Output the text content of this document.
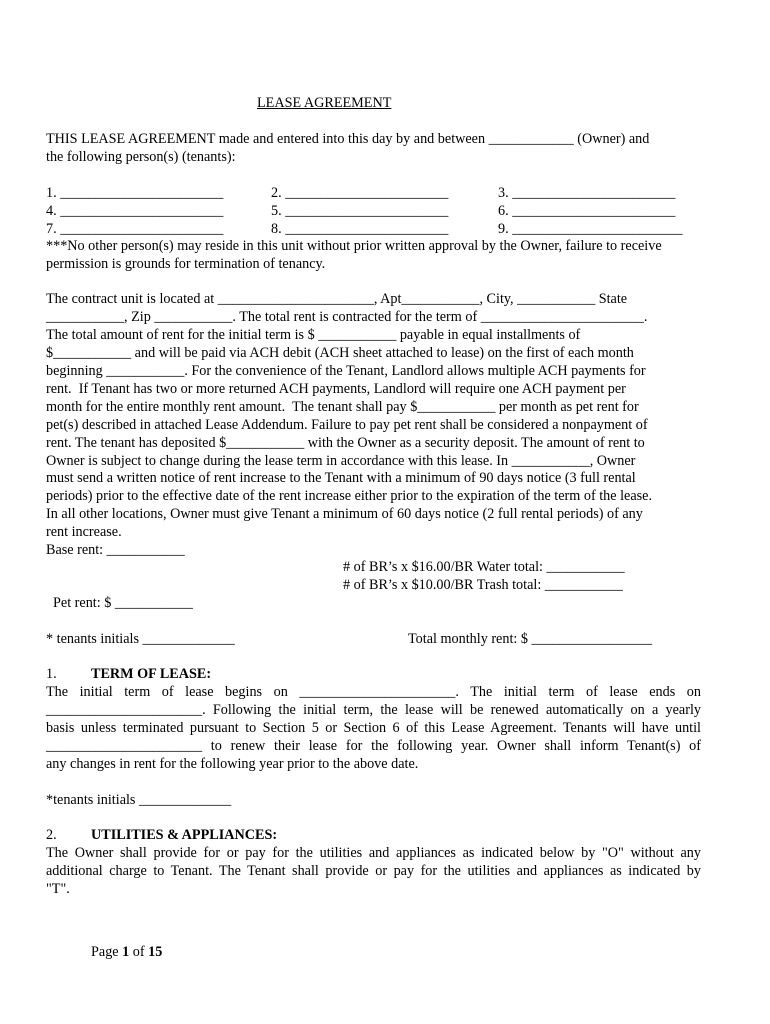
LEASE AGREEMENT
THIS LEASE AGREEMENT made and entered into this day by and between ____________ (Owner) and
the following person(s) (tenants):
1. _______________________	2. _______________________	3. _______________________
4. _______________________	5. _______________________	6. _______________________
7. _______________________	8. _______________________	9. ________________________
***No other person(s) may reside in this unit without prior written approval by the Owner, failure to receive
permission is grounds for termination of tenancy.
The contract unit is located at ______________________, Apt___________, City, ___________ State
___________, Zip ___________. The total rent is contracted for the term of _______________________.
The total amount of rent for the initial term is $ ___________ payable in equal installments of
$___________ and will be paid via ACH debit (ACH sheet attached to lease) on the first of each month
beginning ___________. For the convenience of the Tenant, Landlord allows multiple ACH payments for
rent.  If Tenant has two or more returned ACH payments, Landlord will require one ACH payment per
month for the entire monthly rent amount.  The tenant shall pay $___________ per month as pet rent for
pet(s) described in attached Lease Addendum. Failure to pay pet rent shall be considered a nonpayment of
rent. The tenant has deposited $___________ with the Owner as a security deposit. The amount of rent to
Owner is subject to change during the lease term in accordance with this lease. In ___________, Owner
must send a written notice of rent increase to the Tenant with a minimum of 90 days notice (3 full rental
periods) prior to the effective date of the rent increase either prior to the expiration of the term of the lease.
In all other locations, Owner must give Tenant a minimum of 60 days notice (2 full rental periods) of any
rent increase.
Base rent: ___________
# of BR’s x $16.00/BR Water total: ___________
# of BR’s x $10.00/BR Trash total: ___________
Pet rent: $ ___________
* tenants initials _____________	Total monthly rent: $ _________________
1. TERM OF LEASE:
The initial term of lease begins on ______________________. The initial term of lease ends on
______________________. Following the initial term, the lease will be renewed automatically on a yearly
basis unless terminated pursuant to Section 5 or Section 6 of this Lease Agreement. Tenants will have until
______________________ to renew their lease for the following year. Owner shall inform Tenant(s) of
any changes in rent for the following year prior to the above date.
*tenants initials _____________
2. UTILITIES & APPLIANCES:
The Owner shall provide for or pay for the utilities and appliances as indicated below by "O" without any
additional charge to Tenant. The Tenant shall provide or pay for the utilities and appliances as indicated by
"T".
Page 1 of 15
